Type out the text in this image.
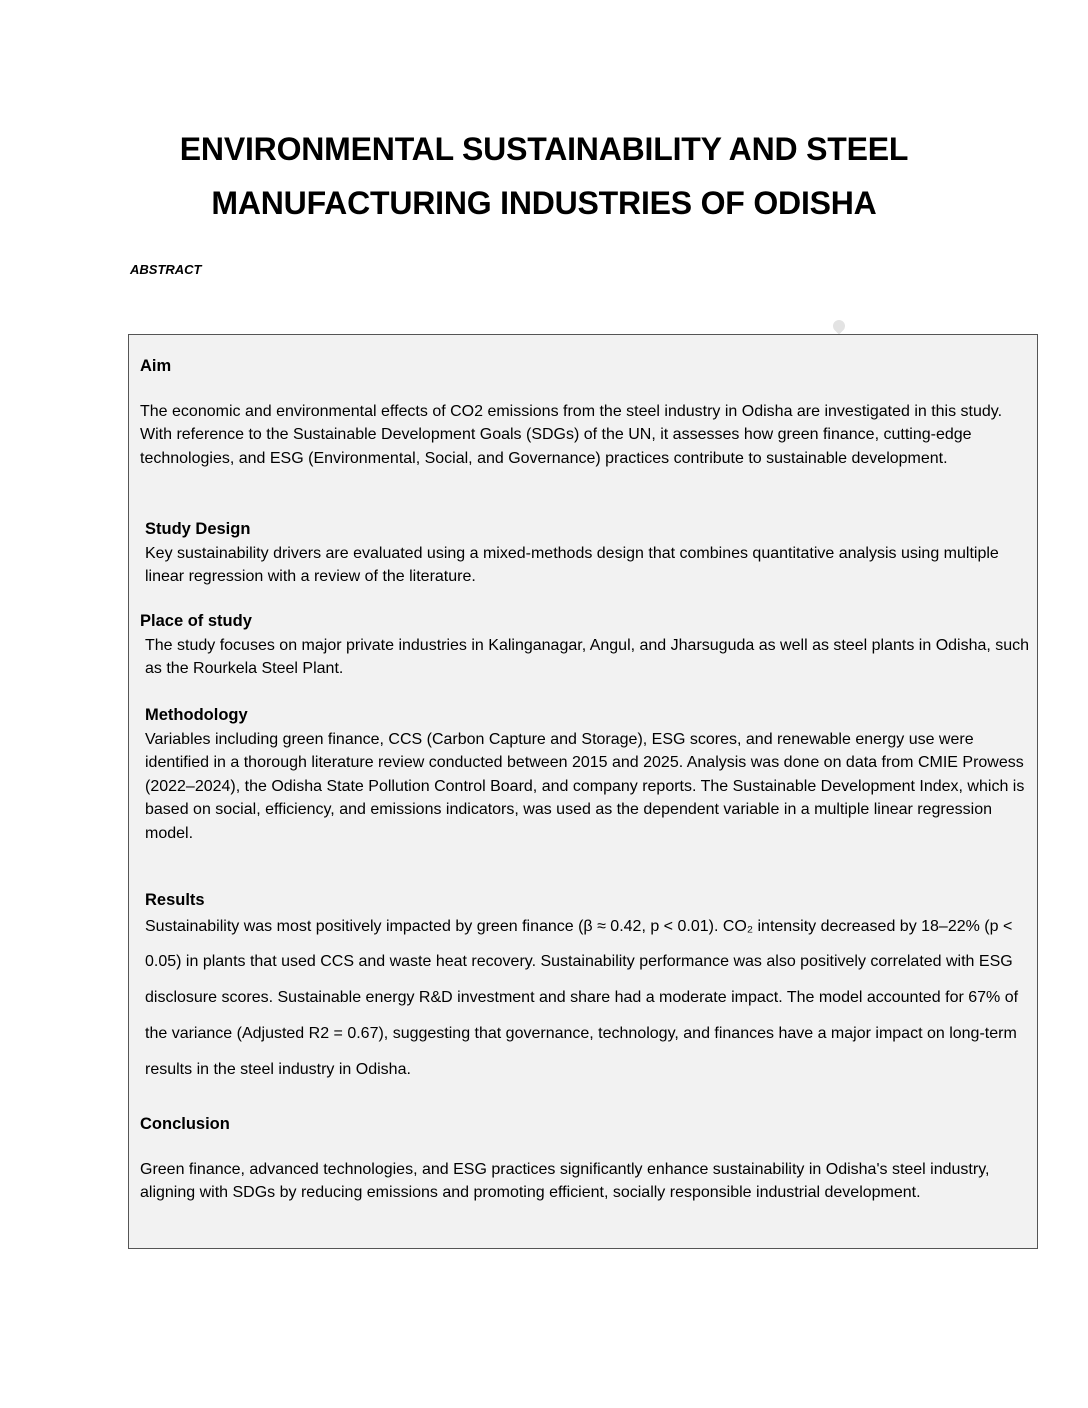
ENVIRONMENTAL SUSTAINABILITY AND STEEL
MANUFACTURING INDUSTRIES OF ODISHA
ABSTRACT
Aim
The economic and environmental effects of CO2 emissions from the steel industry in Odisha are investigated in this study. With reference to the Sustainable Development Goals (SDGs) of the UN, it assesses how green finance, cutting-edge technologies, and ESG (Environmental, Social, and Governance) practices contribute to sustainable development.
Study Design
Key sustainability drivers are evaluated using a mixed-methods design that combines quantitative analysis using multiple linear regression with a review of the literature.
Place of study
The study focuses on major private industries in Kalinganagar, Angul, and Jharsuguda as well as steel plants in Odisha, such as the Rourkela Steel Plant.
Methodology
Variables including green finance, CCS (Carbon Capture and Storage), ESG scores, and renewable energy use were identified in a thorough literature review conducted between 2015 and 2025. Analysis was done on data from CMIE Prowess (2022–2024), the Odisha State Pollution Control Board, and company reports. The Sustainable Development Index, which is based on social, efficiency, and emissions indicators, was used as the dependent variable in a multiple linear regression model.
Results
Sustainability was most positively impacted by green finance (β ≈ 0.42, p < 0.01). CO₂ intensity decreased by 18–22% (p < 0.05) in plants that used CCS and waste heat recovery. Sustainability performance was also positively correlated with ESG disclosure scores. Sustainable energy R&D investment and share had a moderate impact. The model accounted for 67% of the variance (Adjusted R2 = 0.67), suggesting that governance, technology, and finances have a major impact on long-term results in the steel industry in Odisha.
Conclusion
Green finance, advanced technologies, and ESG practices significantly enhance sustainability in Odisha's steel industry, aligning with SDGs by reducing emissions and promoting efficient, socially responsible industrial development.
